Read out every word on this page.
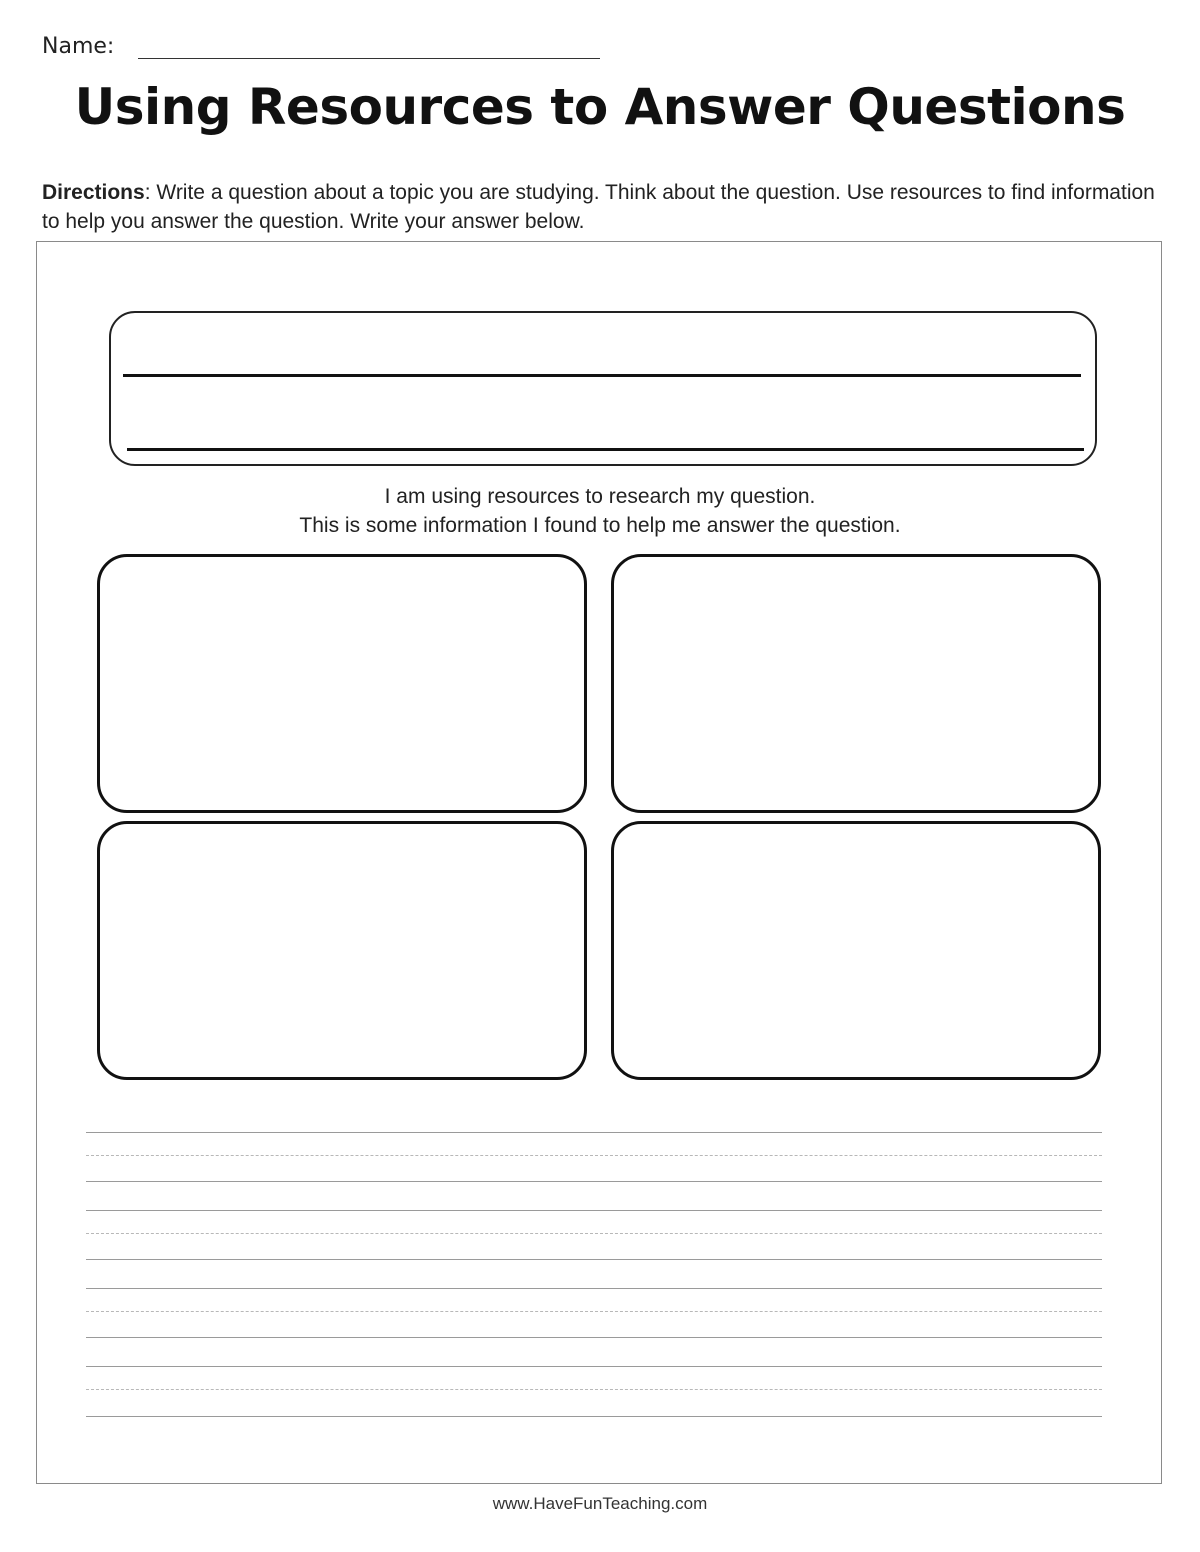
Name:
Using Resources to Answer Questions
Directions: Write a question about a topic you are studying. Think about the question. Use resources to find information to help you answer the question. Write your answer below.
I am using resources to research my question.
This is some information I found to help me answer the question.
www.HaveFunTeaching.com
